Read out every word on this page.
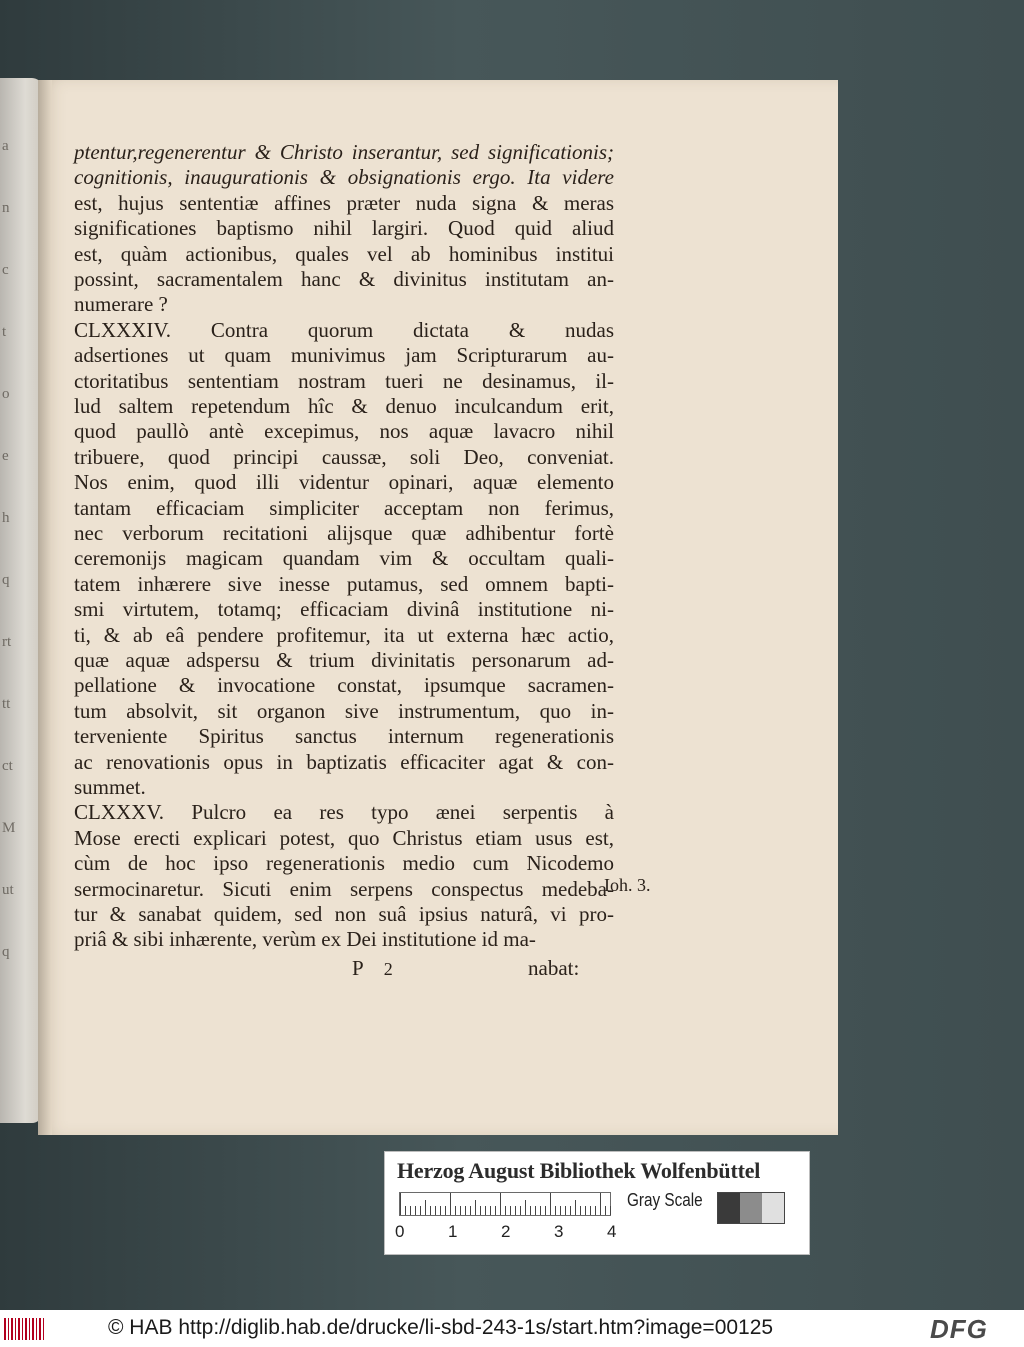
a
n
c
t
o
e
h
q
rt
tt
ct
M
ut
q
ptentur,regenerentur & Christo inserantur, sed significationis;
cognitionis, inaugurationis & obsignationis ergo. Ita videre
est, hujus sententiæ affines præter nuda signa & meras
significationes baptismo nihil largiri. Quod quid aliud
est, quàm actionibus, quales vel ab hominibus institui
possint, sacramentalem hanc & divinitus institutam an-
numerare ?
CLXXXIV. Contra quorum dictata & nudas
adsertiones ut quam munivimus jam Scripturarum au-
ctoritatibus sententiam nostram tueri ne desinamus, il-
lud saltem repetendum hîc & denuo inculcandum erit,
quod paullò antè excepimus, nos aquæ lavacro nihil
tribuere, quod principi caussæ, soli Deo, conveniat.
Nos enim, quod illi videntur opinari, aquæ elemento
tantam efficaciam simpliciter acceptam non ferimus,
nec verborum recitationi alijsque quæ adhibentur fortè
ceremonijs magicam quandam vim & occultam quali-
tatem inhærere sive inesse putamus, sed omnem bapti-
smi virtutem, totamq; efficaciam divinâ institutione ni-
ti, & ab eâ pendere profitemur, ita ut externa hæc actio,
quæ aquæ adspersu & trium divinitatis personarum ad-
pellatione & invocatione constat, ipsumque sacramen-
tum absolvit, sit organon sive instrumentum, quo in-
terveniente Spiritus sanctus internum regenerationis
ac renovationis opus in baptizatis efficaciter agat & con-
summet.
CLXXXV. Pulcro ea res typo ænei serpentis à
Mose erecti explicari potest, quo Christus etiam usus est,
cùm de hoc ipso regenerationis medio cum Nicodemo
sermocinaretur. Sicuti enim serpens conspectus medeba-
tur & sanabat quidem, sed non suâ ipsius naturâ, vi pro-
priâ & sibi inhærente, verùm ex Dei institutione id ma-
Ioh. 3.
P 2	nabat:
Herzog August Bibliothek Wolfenbüttel
0	1	2	3	4
Gray Scale
© HAB http://diglib.hab.de/drucke/li-sbd-243-1s/start.htm?image=00125	DFG
